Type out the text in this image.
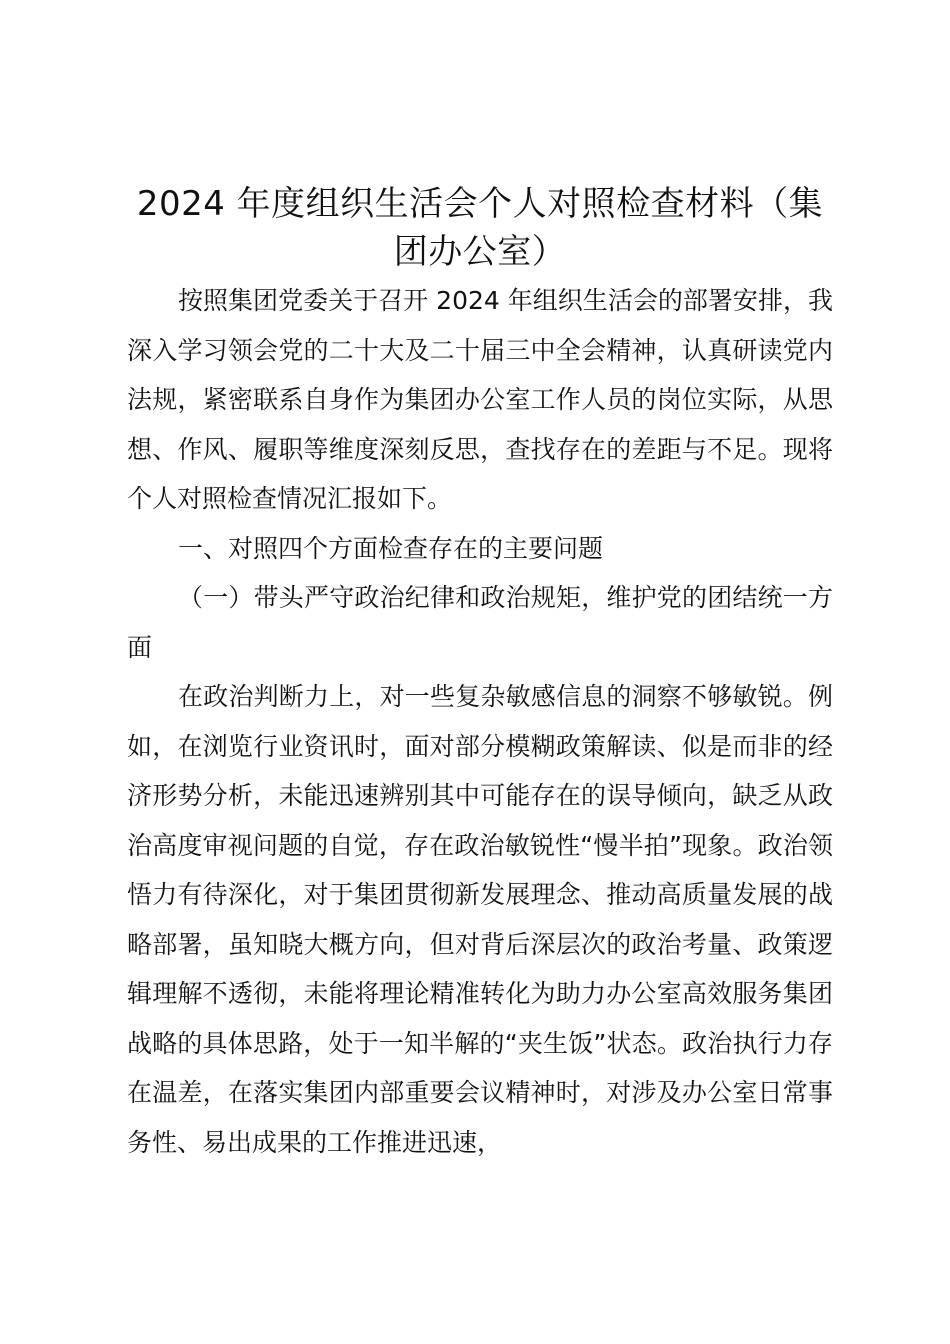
2024 年度组织生活会个人对照检查材料（集团办公室）

按照集团党委关于召开 2024 年组织生活会的部署安排，我深入学习领会党的二十大及二十届三中全会精神，认真研读党内法规，紧密联系自身作为集团办公室工作人员的岗位实际，从思想、作风、履职等维度深刻反思，查找存在的差距与不足。现将个人对照检查情况汇报如下。

一、对照四个方面检查存在的主要问题

（一）带头严守政治纪律和政治规矩，维护党的团结统一方面

在政治判断力上，对一些复杂敏感信息的洞察不够敏锐。例如，在浏览行业资讯时，面对部分模糊政策解读、似是而非的经济形势分析，未能迅速辨别其中可能存在的误导倾向，缺乏从政治高度审视问题的自觉，存在政治敏锐性“慢半拍”现象。政治领悟力有待深化，对于集团贯彻新发展理念、推动高质量发展的战略部署，虽知晓大概方向，但对背后深层次的政治考量、政策逻辑理解不透彻，未能将理论精准转化为助力办公室高效服务集团战略的具体思路，处于一知半解的“夹生饭”状态。政治执行力存在温差，在落实集团内部重要会议精神时，对涉及办公室日常事务性、易出成果的工作推进迅速，
